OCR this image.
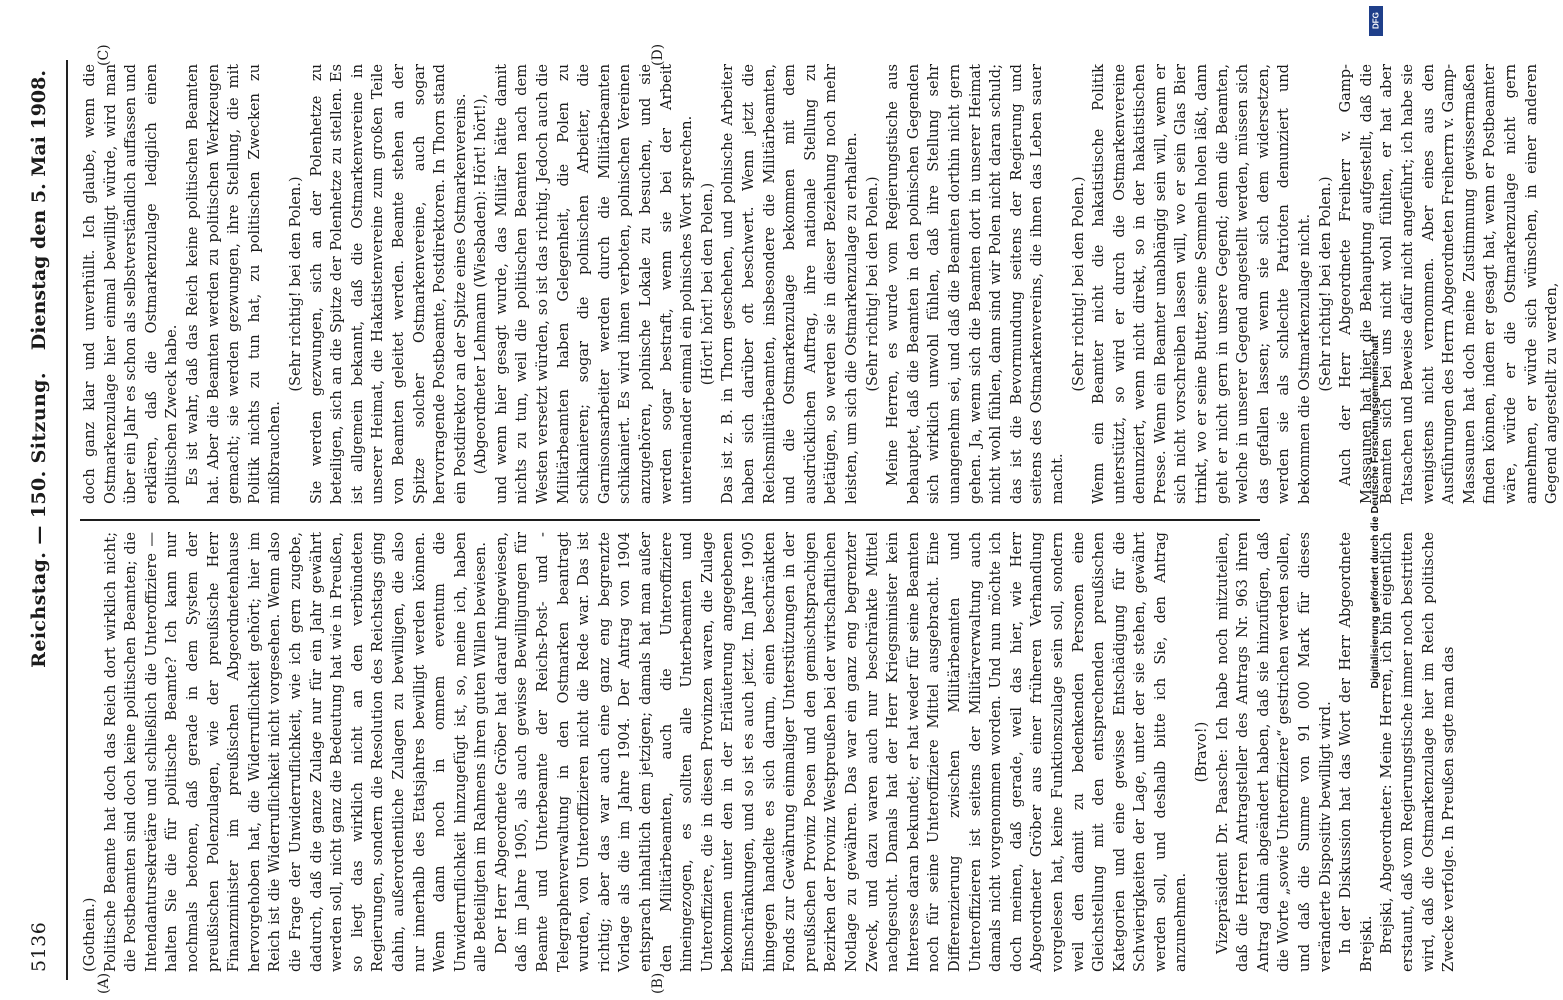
5136
Reichstag. — 150. Sitzung.
Dienstag den 5. Mai 1908.
(A)	(B)
(C)	(D)

(Gothein.) Politische Beamte hat doch das Reich dort wirklich nicht; die Postbeamten sind doch keine politischen Beamten; die Intendantursekretäre und schließlich die Unteroffiziere — halten Sie die für politische Beamte? Ich kann nur nochmals betonen, daß gerade in dem System der preußischen Polenzulagen, wie der preußische Herr Finanzminister im preußischen Abgeordnetenhause hervorgehoben hat, die Widerruflichkeit gehört; hier im Reich ist die Widerruflichkeit nicht vorgesehen. Wenn also die Frage der Unwiderruflichkeit, wie ich gern zugebe, dadurch, daß die ganze Zulage nur für ein Jahr gewährt werden soll, nicht ganz die Bedeutung hat wie in Preußen, so liegt das wirklich nicht an den verbündeten Regierungen, sondern die Resolution des Reichstags ging dahin, außerordentliche Zulagen zu bewilligen, die also nur innerhalb des Etatsjahres bewilligt werden können. Wenn dann noch in omnem eventum die Unwiderruflichkeit hinzugefügt ist, so, meine ich, haben alle Beteiligten im Rahmens ihren guten Willen bewiesen. Der Herr Abgeordnete Gröber hat darauf hingewiesen, daß im Jahre 1905, als auch gewisse Bewilligungen für Beamte und Unterbeamte der Reichs-Post- und -Telegraphenverwaltung in den Ostmarken beantragt wurden, von Unteroffizieren nicht die Rede war. Das ist richtig; aber das war auch eine ganz eng begrenzte Vorlage als die im Jahre 1904. Der Antrag von 1904 entsprach inhaltlich dem jetzigen; damals hat man außer den Militärbeamten, auch die Unteroffiziere hineingezogen, es sollten alle Unterbeamten und Unteroffiziere, die in diesen Provinzen waren, die Zulage bekommen unter den in der Erläuterung angegebenen Einschränkungen, und so ist es auch jetzt. Im Jahre 1905 hingegen handelte es sich darum, einen beschränkten Fonds zur Gewährung einmaliger Unterstützungen in der preußischen Provinz Posen und den gemischtsprachigen Bezirken der Provinz Westpreußen bei der wirtschaftlichen Notlage zu gewähren. Das war ein ganz eng begrenzter Zweck, und dazu waren auch nur beschränkte Mittel nachgesucht. Damals hat der Herr Kriegsminister kein Interesse daran bekundet; er hat weder für seine Beamten noch für seine Unteroffiziere Mittel ausgebracht. Eine Differenzierung zwischen Militärbeamten und Unteroffizieren ist seitens der Militärverwaltung auch damals nicht vorgenommen worden. Und nun möchte ich doch meinen, daß gerade, weil das hier, wie Herr Abgeordneter Gröber aus einer früheren Verhandlung vorgelesen hat, keine Funktionszulage sein soll, sondern weil den damit zu bedenkenden Personen eine Gleichstellung mit den entsprechenden preußischen Kategorien und eine gewisse Entschädigung für die Schwierigkeiten der Lage, unter der sie stehen, gewährt werden soll, und deshalb bitte ich Sie, den Antrag anzunehmen.

(Bravo!) Vizepräsident Dr. Paasche: Ich habe noch mitzuteilen, daß die Herren Antragsteller des Antrags Nr. 963 ihren Antrag dahin abgeändert haben, daß sie hinzufügen, daß die Worte „sowie Unteroffiziere“ gestrichen werden sollen, und daß die Summe von 91 000 Mark für dieses veränderte Dispositiv bewilligt wird. In der Diskussion hat das Wort der Herr Abgeordnete Brejski. Brejski, Abgeordneter: Meine Herren, ich bin eigentlich erstaunt, daß vom Regierungstische immer noch bestritten wird, daß die Ostmarkenzulage hier im Reich politische Zwecke verfolge. In Preußen sagte man das

doch ganz klar und unverhüllt. Ich glaube, wenn die Ostmarkenzulage hier einmal bewilligt würde, wird man über ein Jahr es schon als selbstverständlich auffassen und erklären, daß die Ostmarkenzulage lediglich einen politischen Zweck habe. Es ist wahr, daß das Reich keine politischen Beamten hat. Aber die Beamten werden zu politischen Werkzeugen gemacht; sie werden gezwungen, ihre Stellung, die mit Politik nichts zu tun hat, zu politischen Zwecken zu mißbrauchen.

(Sehr richtig! bei den Polen.) Sie werden gezwungen, sich an der Polenhetze zu beteiligen, sich an die Spitze der Polenhetze zu stellen. Es ist allgemein bekannt, daß die Ostmarkenvereine in unserer Heimat, die Hakatistenvereine zum großen Teile von Beamten geleitet werden. Beamte stehen an der Spitze solcher Ostmarkenvereine, auch sogar hervorragende Postbeamte, Postdirektoren. In Thorn stand ein Postdirektor an der Spitze eines Ostmarkenvereins. (Abgeordneter Lehmann (Wiesbaden): Hört! hört!), und wenn hier gesagt wurde, das Militär hätte damit nichts zu tun, weil die politischen Beamten nach dem Westen versetzt würden, so ist das richtig. Jedoch auch die Militärbeamten haben Gelegenheit, die Polen zu schikanieren; sogar die polnischen Arbeiter, die Garnisonsarbeiter werden durch die Militärbeamten schikaniert. Es wird ihnen verboten, polnischen Vereinen anzugehören, polnische Lokale zu besuchen, und sie werden sogar bestraft, wenn sie bei der Arbeit untereinander einmal ein polnisches Wort sprechen. (Hört! hört! bei den Polen.) Das ist z. B. in Thorn geschehen, und polnische Arbeiter haben sich darüber oft beschwert. Wenn jetzt die Reichsmilitärbeamten, insbesondere die Militärbeamten, und die Ostmarkenzulage bekommen mit dem ausdrücklichen Auftrag, ihre nationale Stellung zu betätigen, so werden sie in dieser Beziehung noch mehr leisten, um sich die Ostmarkenzulage zu erhalten. (Sehr richtig! bei den Polen.) Meine Herren, es wurde vom Regierungstische aus behauptet, daß die Beamten in den polnischen Gegenden sich wirklich unwohl fühlen, daß ihre Stellung sehr unangenehm sei, und daß die Beamten dorthin nicht gern gehen. Ja, wenn sich die Beamten dort in unserer Heimat nicht wohl fühlen, dann sind wir Polen nicht daran schuld; das ist die Bevormundung seitens der Regierung und seitens des Ostmarkenvereins, die ihnen das Leben sauer macht.

(Sehr richtig! bei den Polen.) Wenn ein Beamter nicht die hakatistische Politik unterstützt, so wird er durch die Ostmarkenvereine denunziert, wenn nicht direkt, so in der hakatistischen Presse. Wenn ein Beamter unabhängig sein will, wenn er sich nicht vorschreiben lassen will, wo er sein Glas Bier trinkt, wo er seine Butter, seine Semmeln holen läßt, dann geht er nicht gern in unsere Gegend; denn die Beamten, welche in unserer Gegend angestellt werden, müssen sich das gefallen lassen; wenn sie sich dem widersetzen, werden sie als schlechte Patrioten denunziert und bekommen die Ostmarkenzulage nicht. (Sehr richtig! bei den Polen.) Auch der Herr Abgeordnete Freiherr v. Gamp-Massaunen hat hier die Behauptung aufgestellt, daß die Beamten sich bei uns nicht wohl fühlten, er hat aber Tatsachen und Beweise dafür nicht angeführt; ich habe sie wenigstens nicht vernommen. Aber eines aus den Ausführungen des Herrn Abgeordneten Freiherrn v. Gamp-Massaunen hat doch meine Zustimmung gewissermaßen finden können, indem er gesagt hat, wenn er Postbeamter wäre, würde er die Ostmarkenzulage nicht gern annehmen, er würde sich wünschen, in einer anderen Gegend angestellt zu werden,

Digitalisierung gefördert durch die Deutsche Forschungsgemeinschaft
DFG
